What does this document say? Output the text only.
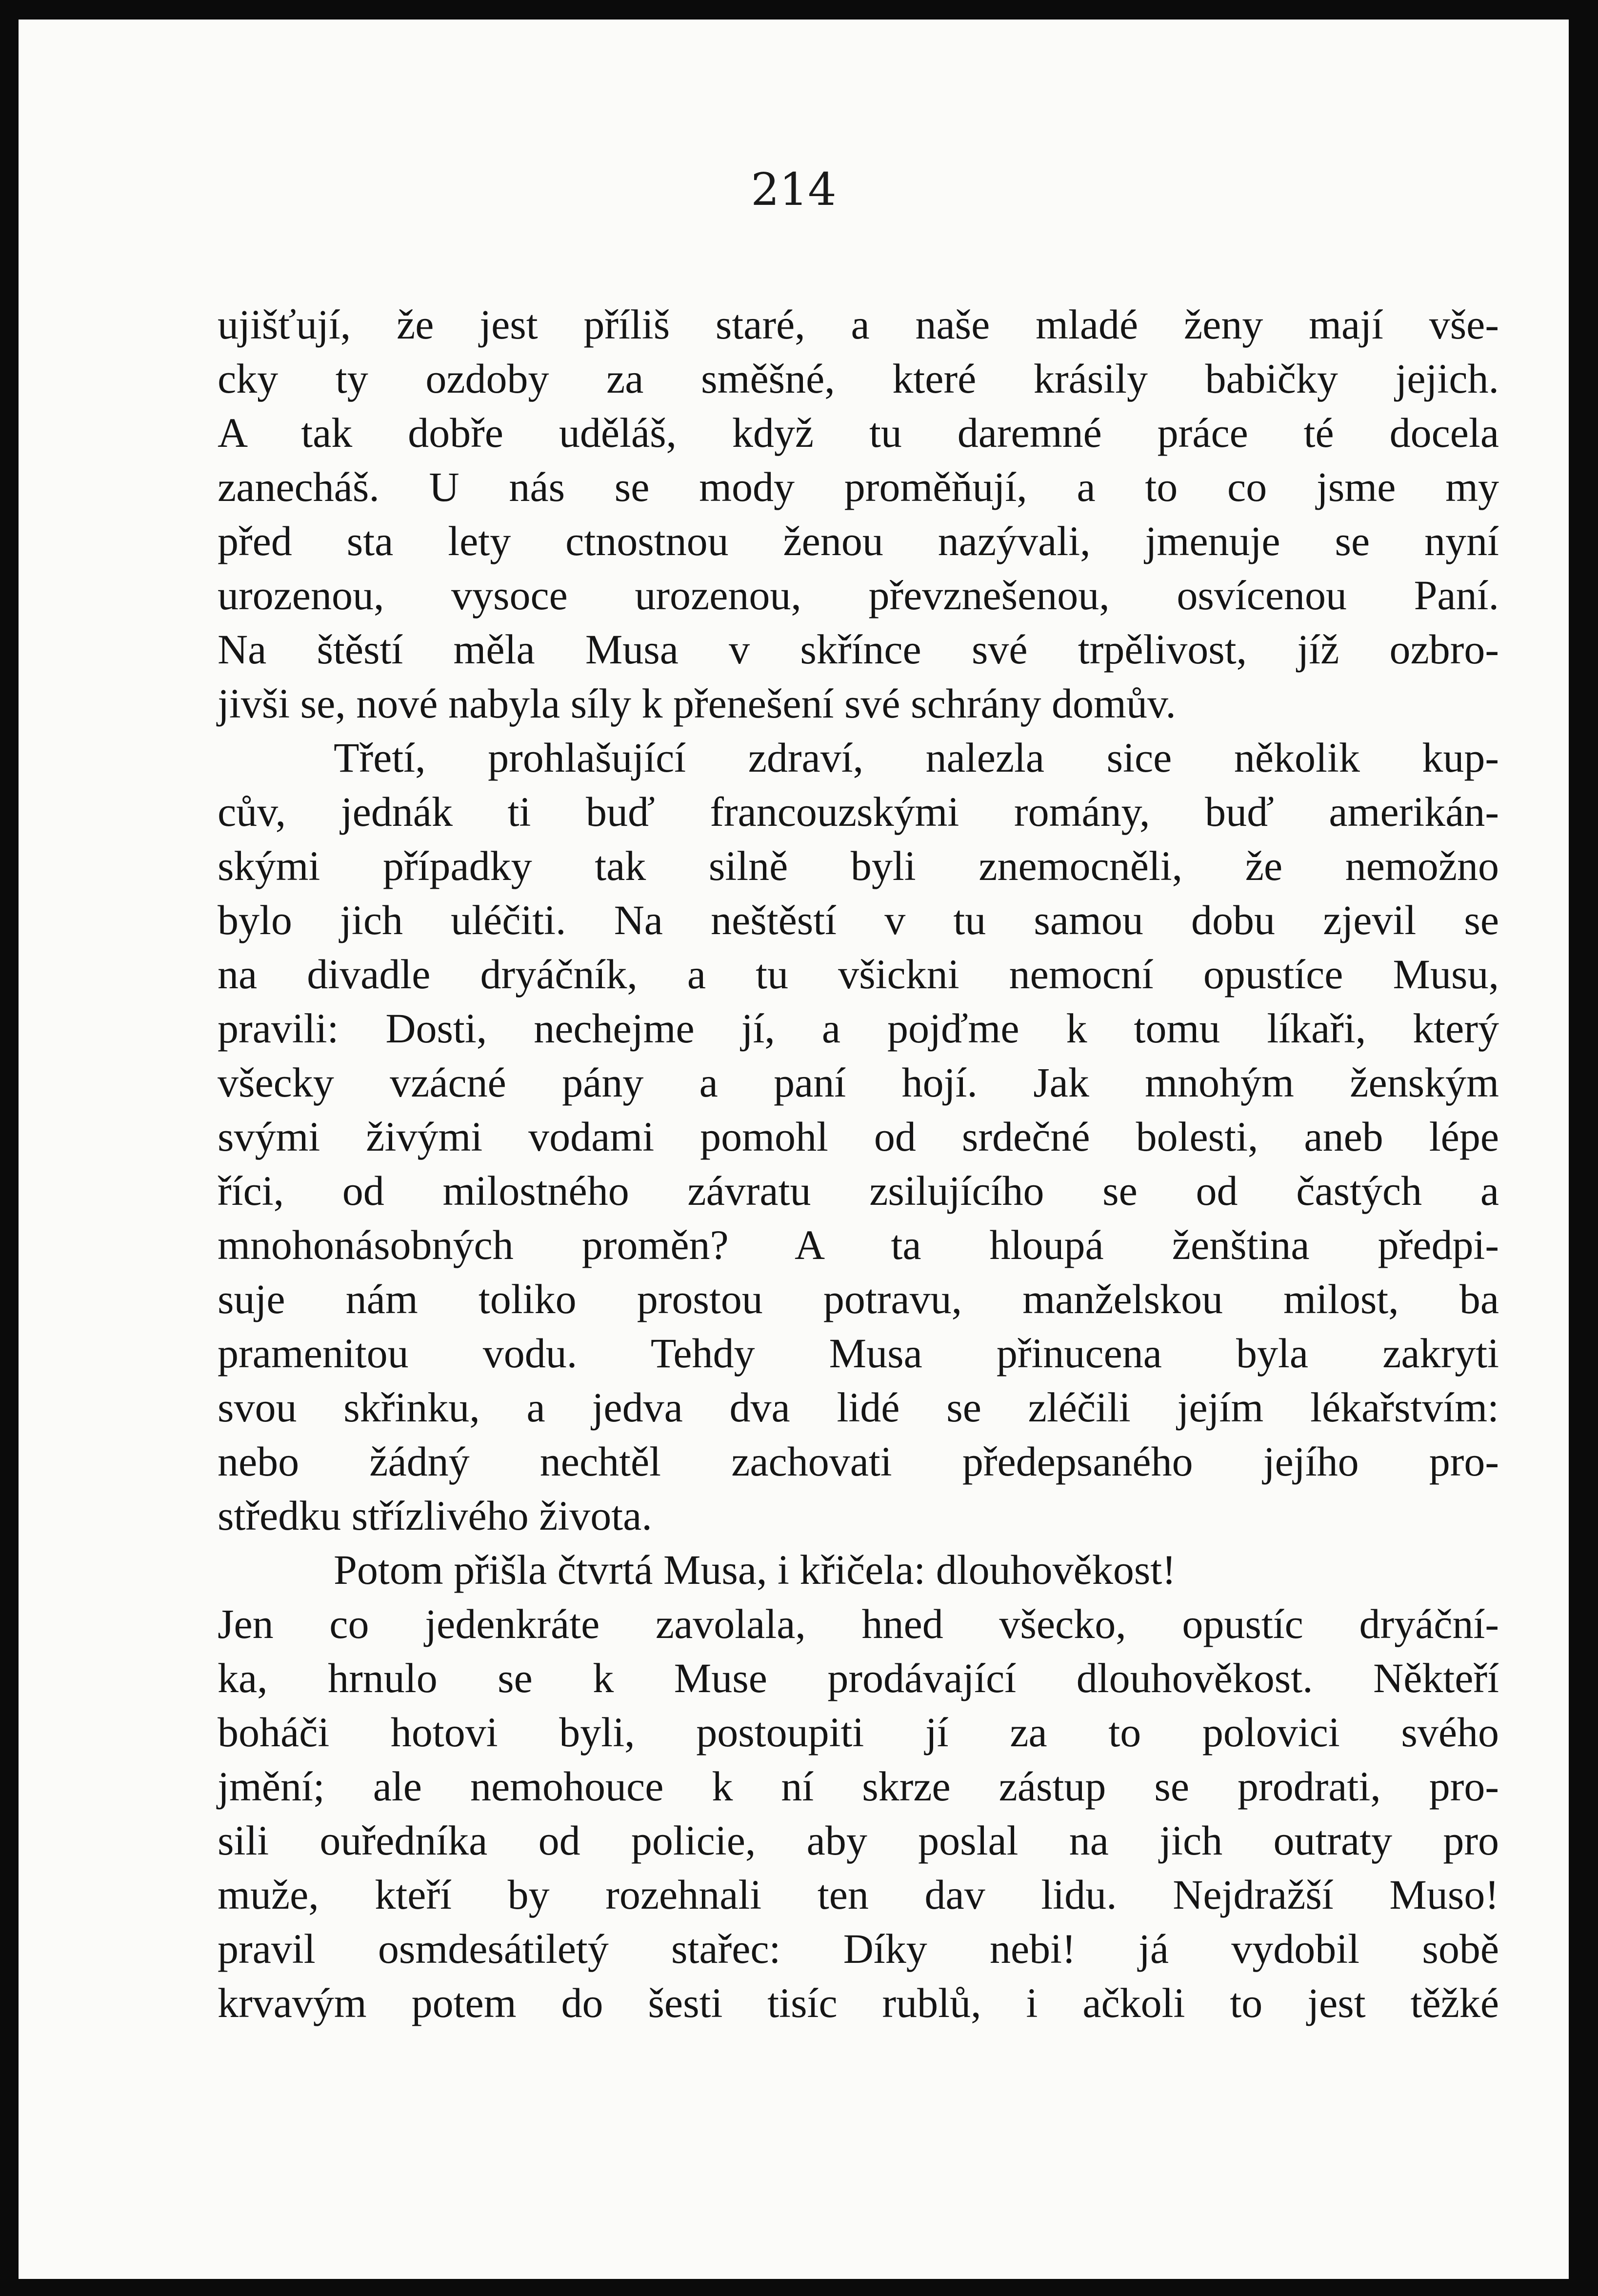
214
ujišťují, že jest příliš staré, a naše mladé ženy mají vše-
cky ty ozdoby za směšné, které krásily babičky jejich.
A tak dobře uděláš, když tu daremné práce té docela
zanecháš. U nás se mody proměňují, a to co jsme my
před sta lety ctnostnou ženou nazývali, jmenuje se nyní
urozenou, vysoce urozenou, převznešenou, osvícenou Paní.
Na štěstí měla Musa v skřínce své trpělivost, jíž ozbro-
jivši se, nové nabyla síly k přenešení své schrány domův.
Třetí, prohlašující zdraví, nalezla sice několik kup-
cův, jednák ti buď francouzskými romány, buď amerikán-
skými případky tak silně byli znemocněli, že nemožno
bylo jich uléčiti. Na neštěstí v tu samou dobu zjevil se
na divadle dryáčník, a tu všickni nemocní opustíce Musu,
pravili: Dosti, nechejme jí, a pojďme k tomu líkaři, který
všecky vzácné pány a paní hojí. Jak mnohým ženským
svými živými vodami pomohl od srdečné bolesti, aneb lépe
říci, od milostného závratu zsilujícího se od častých a
mnohonásobných proměn? A ta hloupá ženština předpi-
suje nám toliko prostou potravu, manželskou milost, ba
pramenitou vodu. Tehdy Musa přinucena byla zakryti
svou skřinku, a jedva dva lidé se zléčili jejím lékařstvím:
nebo žádný nechtěl zachovati předepsaného jejího pro-
středku střízlivého života.
Potom přišla čtvrtá Musa, i křičela: dlouhověkost!
Jen co jedenkráte zavolala, hned všecko, opustíc dryáční-
ka, hrnulo se k Muse prodávající dlouhověkost. Někteří
boháči hotovi byli, postoupiti jí za to polovici svého
jmění; ale nemohouce k ní skrze zástup se prodrati, pro-
sili ouředníka od policie, aby poslal na jich outraty pro
muže, kteří by rozehnali ten dav lidu. Nejdražší Muso!
pravil osmdesátiletý stařec: Díky nebi! já vydobil sobě
krvavým potem do šesti tisíc rublů, i ačkoli to jest těžké
